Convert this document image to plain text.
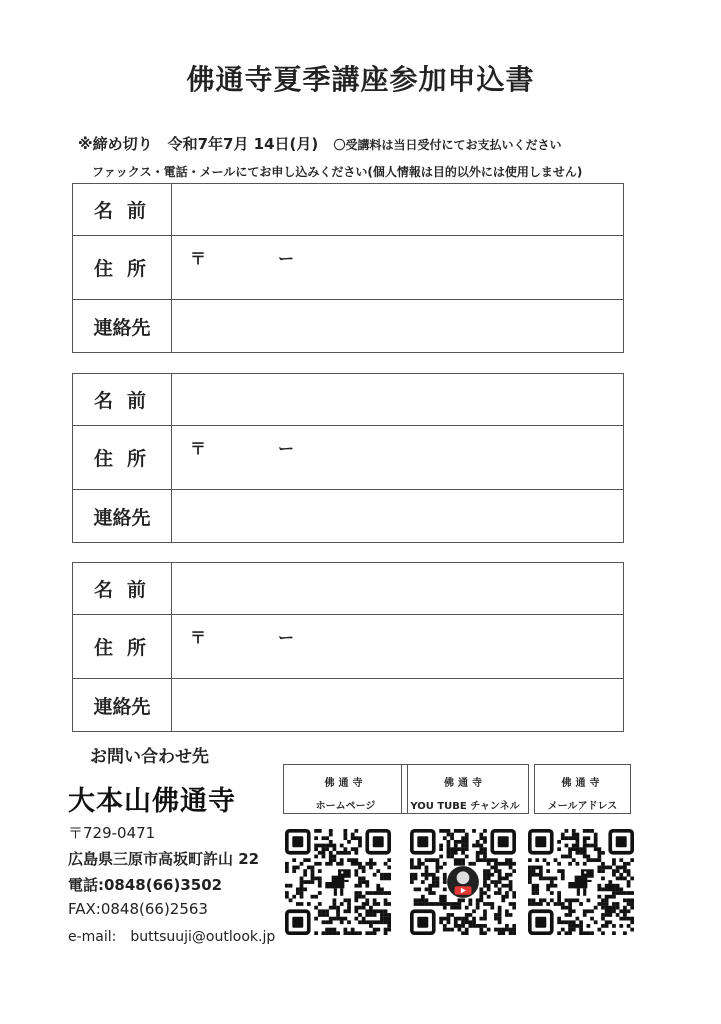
佛通寺夏季講座参加申込書
※締め切り　令和7年7月 14日(月) 〇受講料は当日受付にてお支払いください
ファックス・電話・メールにてお申し込みください(個人情報は目的以外には使用しません)
名前	
住所	〒 ー
連絡先	
名前	
住所	〒 ー
連絡先	
名前	
住所	〒 ー
連絡先	
お問い合わせ先
大本山佛通寺
〒729-0471
広島県三原市高坂町許山 22
電話:0848(66)3502
FAX:0848(66)2563
e-mail:　buttsuuji@outlook.jp
佛通寺
ホームページ
佛通寺
YOU TUBE チャンネル
佛通寺
メールアドレス
